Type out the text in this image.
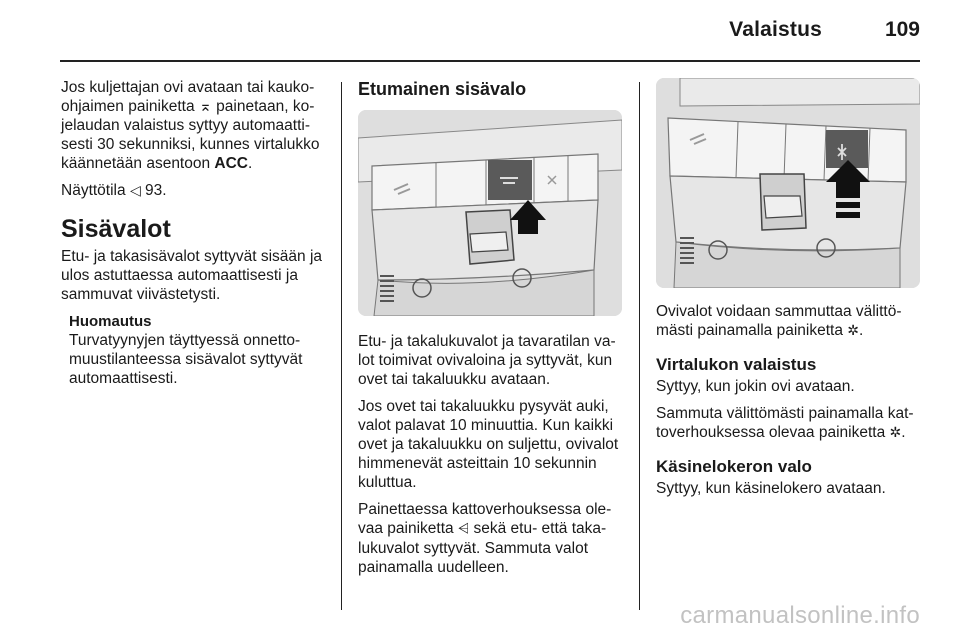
Valaistus	109

Jos kuljettajan ovi avataan tai kaukoohjaimen painiketta ⌅ painetaan, kojelaudan valaistus syttyy automaattisesti 30 sekunniksi, kunnes virtalukko käännetään asentoon ACC.

Näyttötila ◁ 93.

Sisävalot

Etu- ja takasisävalot syttyvät sisään ja ulos astuttaessa automaattisesti ja sammuvat viivästetysti.

Huomautus
Turvatyynyjen täyttyessä onnettomuustilanteessa sisävalot syttyvät automaattisesti.
Etumainen sisävalo

Etu- ja takalukuvalot ja tavaratilan valot toimivat ovivaloina ja syttyvät, kun ovet tai takaluukku avataan.

Jos ovet tai takaluukku pysyvät auki, valot palavat 10 minuuttia. Kun kaikki ovet ja takaluukku on suljettu, ovivalot himmenevät asteittain 10 sekunnin kuluttua.

Painettaessa kattoverhouksessa olevaa painiketta ⩤ sekä etu- että takalukuvalot syttyvät. Sammuta valot painamalla uudelleen.

Ovivalot voidaan sammuttaa välittömästi painamalla painiketta ✲.

Virtalukon valaistus

Syttyy, kun jokin ovi avataan.

Sammuta välittömästi painamalla kattoverhouksessa olevaa painiketta ✲.

Käsinelokeron valo

Syttyy, kun käsinelokero avataan.

carmanualsonline.info
